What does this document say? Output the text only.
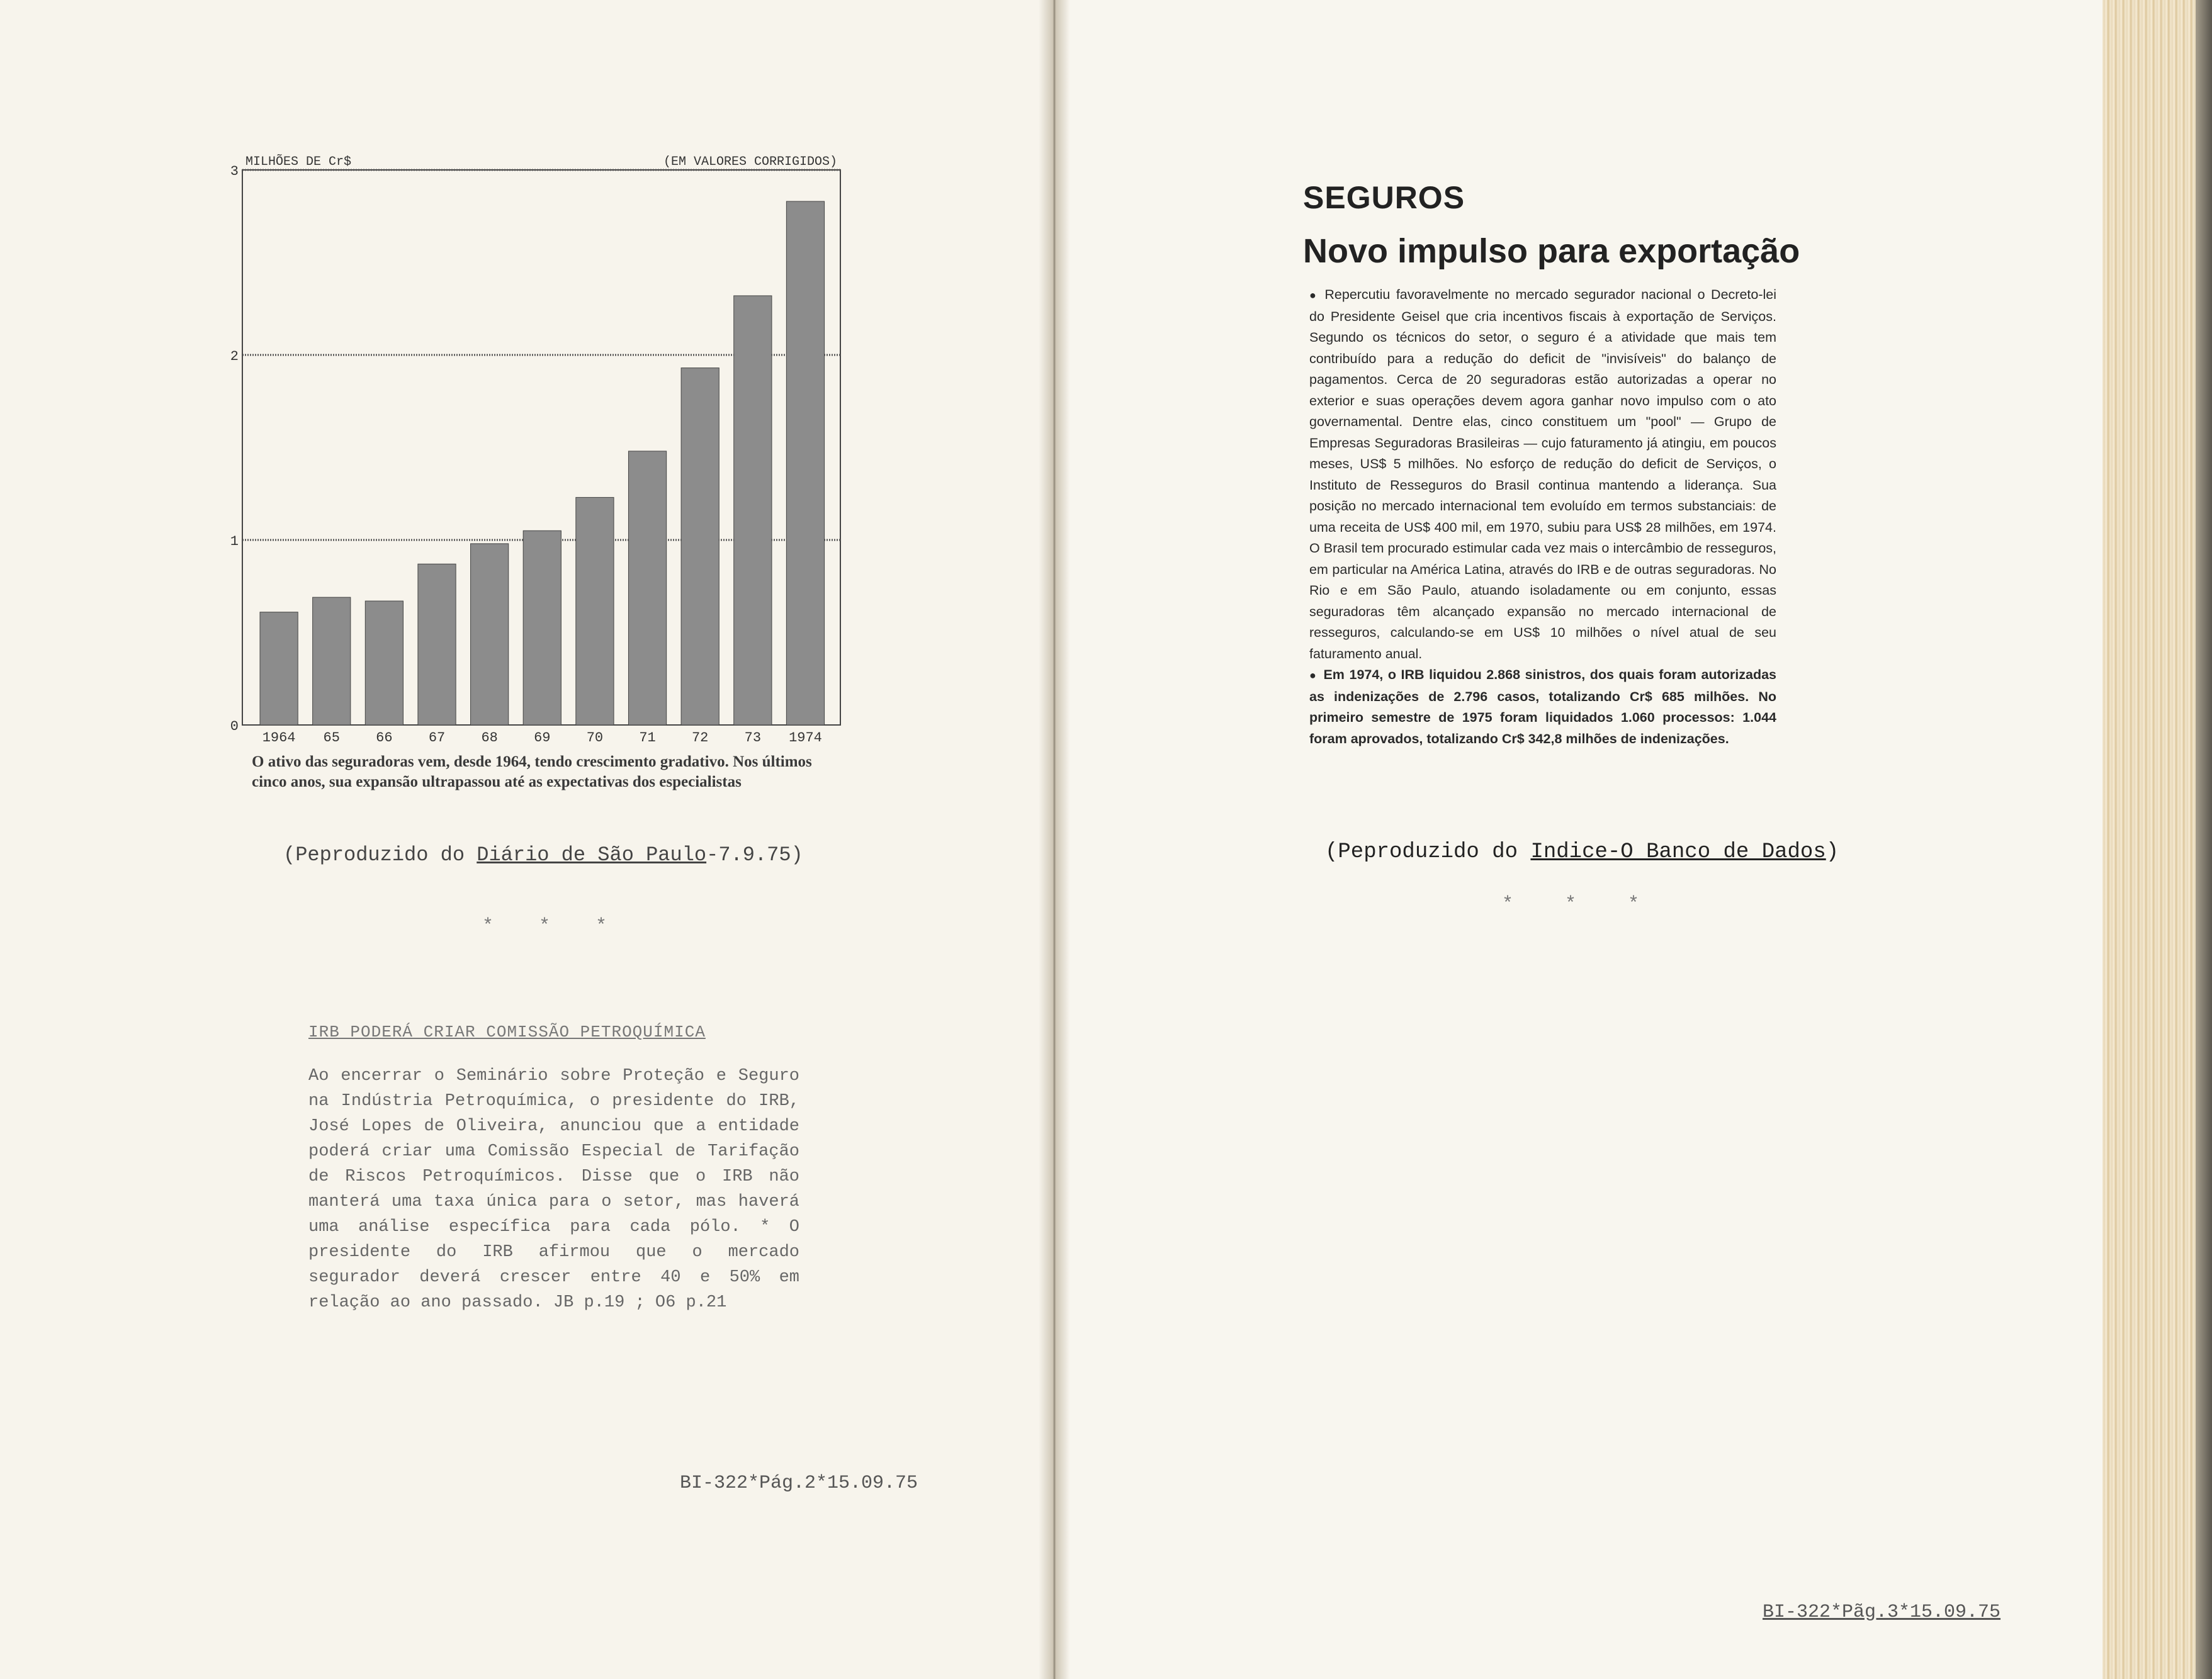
MILHÕES DE Cr$	(EM VALORES CORRIGIDOS)
0
1
2
3
1964 65	66	67	68	69	70	71	72	73 1974
O ativo das seguradoras vem, desde 1964, tendo crescimento gradativo. Nos últimos cinco anos, sua expansão ultrapassou até as expectativas dos especialistas
(Peproduzido do Diário de São Paulo-7.9.75)
* * *
IRB PODERÁ CRIAR COMISSÃO PETROQUÍMICA
Ao encerrar o Seminário sobre Proteção e Seguro na Indústria Petroquímica, o presidente do IRB, José Lopes de Oliveira, anunciou que a entidade poderá criar uma Comissão Especial de Tarifação de Riscos Petroquímicos. Disse que o IRB não manterá uma taxa única para o setor, mas haverá uma análise específica para cada pólo. * O presidente do IRB afirmou que o mercado segurador deverá crescer entre 40 e 50% em relação ao ano passado. JB p.19 ; O6 p.21
BI-322*Pág.2*15.09.75
SEGUROS
Novo impulso para exportação

● Repercutiu favoravelmente no mercado segurador nacional o Decreto-lei do Presidente Geisel que cria incentivos fiscais à exportação de Serviços. Segundo os técnicos do setor, o seguro é a atividade que mais tem contribuído para a redução do deficit de "invisíveis" do balanço de pagamentos. Cerca de 20 seguradoras estão autorizadas a operar no exterior e suas operações devem agora ganhar novo impulso com o ato governamental. Dentre elas, cinco constituem um "pool" — Grupo de Empresas Seguradoras Brasileiras — cujo faturamento já atingiu, em poucos meses, US$ 5 milhões. No esforço de redução do deficit de Serviços, o Instituto de Resseguros do Brasil continua mantendo a liderança. Sua posição no mercado internacional tem evoluído em termos substanciais: de uma receita de US$ 400 mil, em 1970, subiu para US$ 28 milhões, em 1974. O Brasil tem procurado estimular cada vez mais o intercâmbio de resseguros, em particular na América Latina, através do IRB e de outras seguradoras. No Rio e em São Paulo, atuando isoladamente ou em conjunto, essas seguradoras têm alcançado expansão no mercado internacional de resseguros, calculando-se em US$ 10 milhões o nível atual de seu faturamento anual.

● Em 1974, o IRB liquidou 2.868 sinistros, dos quais foram autorizadas as indenizações de 2.796 casos, totalizando Cr$ 685 milhões. No primeiro semestre de 1975 foram liquidados 1.060 processos: 1.044 foram aprovados, totalizando Cr$ 342,8 milhões de indenizações.

(Peproduzido do Indice-O Banco de Dados)
*	*	*
BI-322*Pãg.3*15.09.75
